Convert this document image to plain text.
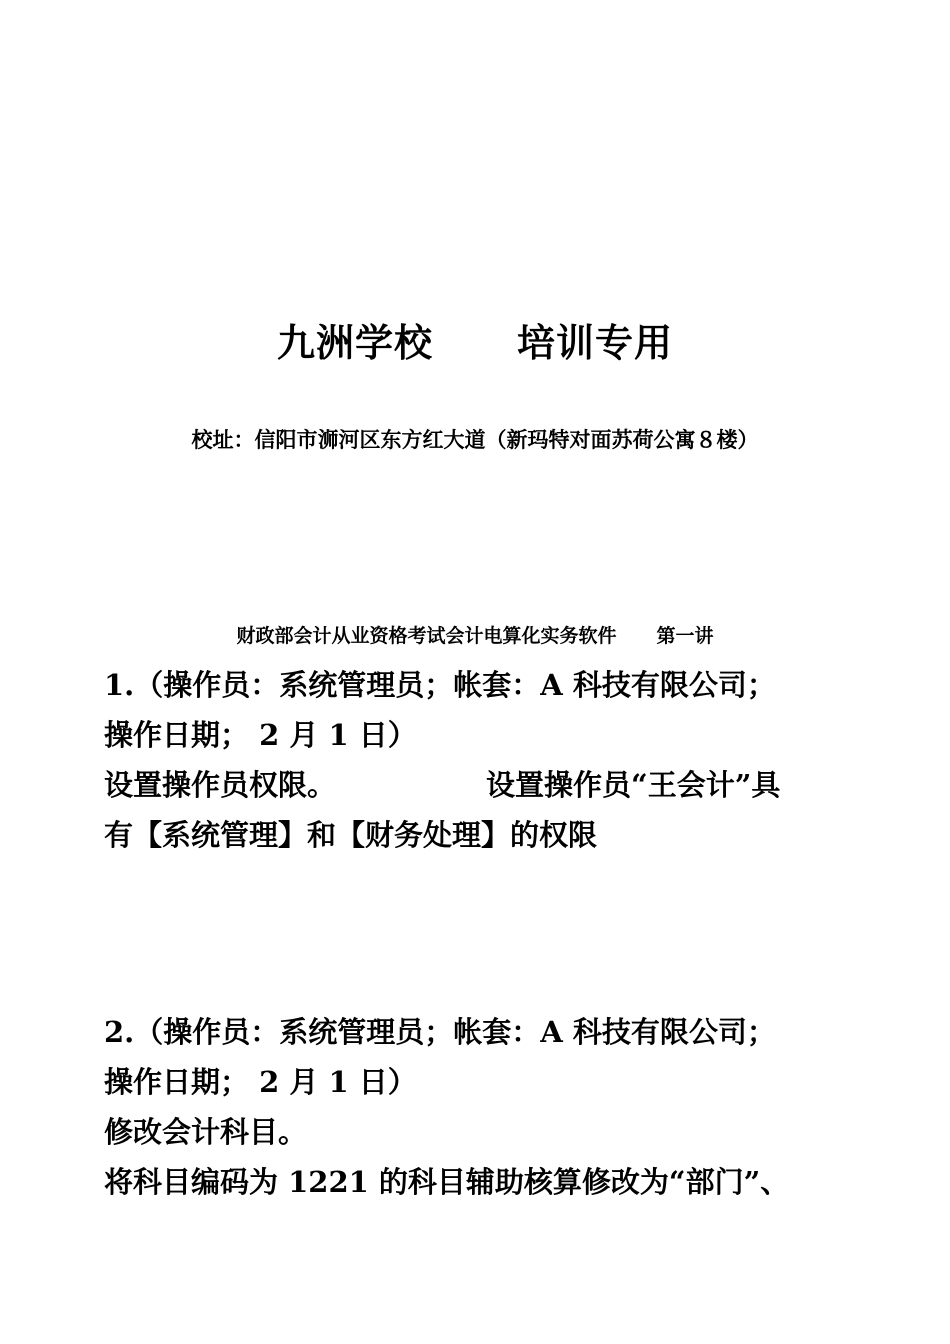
九洲学校 培训专用
校址：信阳市浉河区东方红大道（新玛特对面苏荷公寓８楼）
财政部会计从业资格考试会计电算化实务软件 第一讲
1.（操作员：系统管理员；帐套：A 科技有限公司；
操作日期； 2 月 1 日）
设置操作员权限。	设置操作员“王会计”具
有【系统管理】和【财务处理】的权限
2.（操作员：系统管理员；帐套：A 科技有限公司；
操作日期； 2 月 1 日）
修改会计科目。
将科目编码为 1221 的科目辅助核算修改为“部门”、
